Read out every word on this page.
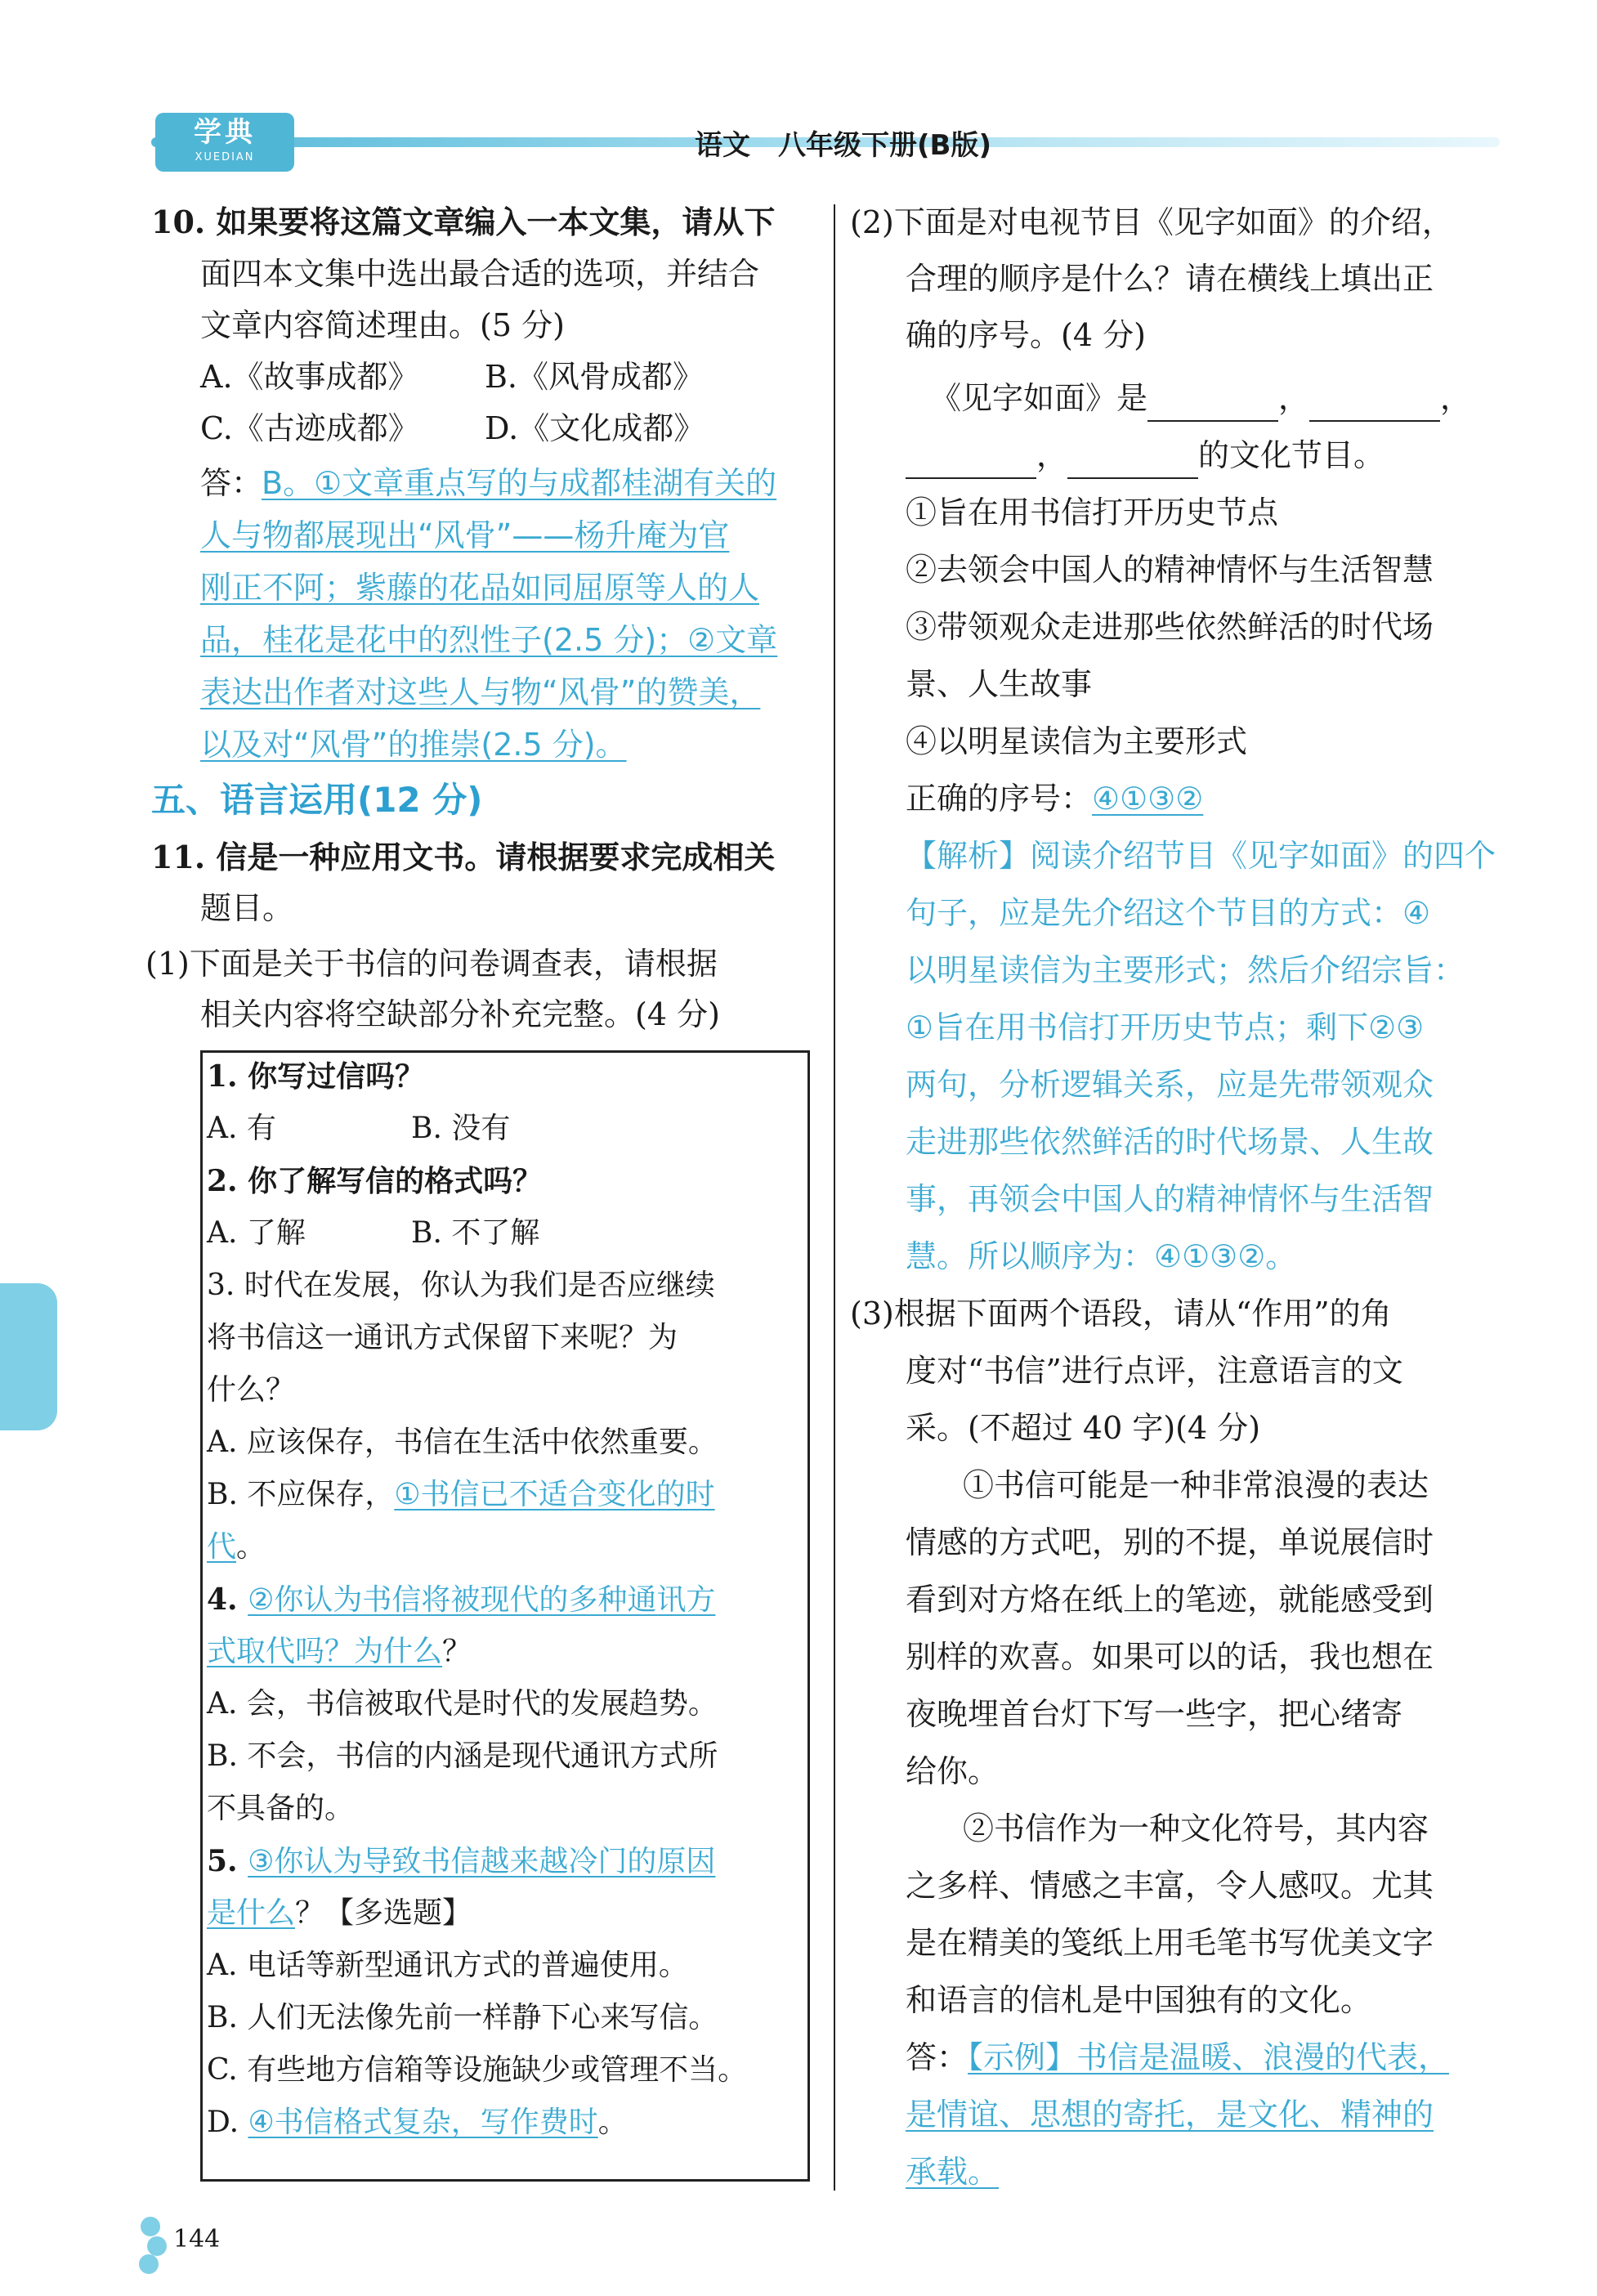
学典
XUEDIAN	语文　八年级下册(B版)
10. 如果要将这篇文章编入一本文集，请从下
面四本文集中选出最合适的选项，并结合
文章内容简述理由。(5 分)
A.《故事成都》 B.《风骨成都》
C.《古迹成都》 D.《文化成都》
答：
B。①文章重点写的与成都桂湖有关的
人与物都展现出“风骨”——杨升庵为官
刚正不阿；紫藤的花品如同屈原等人的人
品，桂花是花中的烈性子(2.5 分)；②文章
表达出作者对这些人与物“风骨”的赞美，
以及对“风骨”的推崇(2.5 分)。
五、语言运用(12 分)
11. 信是一种应用文书。请根据要求完成相关
题目。
(1)下面是关于书信的问卷调查表，请根据
相关内容将空缺部分补充完整。(4 分)
1. 你写过信吗？
A. 有	B. 没有
2. 你了解写信的格式吗？
A. 了解	B. 不了解
3. 时代在发展，你认为我们是否应继续
将书信这一通讯方式保留下来呢？为
什么？
A. 应该保存，书信在生活中依然重要。
B. 不应保存，①书信已不适合变化的时
代。
4. ②你认为书信将被现代的多种通讯方
式取代吗？为什么？
A. 会，书信被取代是时代的发展趋势。
B. 不会，书信的内涵是现代通讯方式所
不具备的。
5. ③你认为导致书信越来越冷门的原因
是什么？【多选题】
A. 电话等新型通讯方式的普遍使用。
B. 人们无法像先前一样静下心来写信。
C. 有些地方信箱等设施缺少或管理不当。
D. ④书信格式复杂，写作费时。
(2)下面是对电视节目《见字如面》的介绍，
合理的顺序是什么？请在横线上填出正
确的序号。(4 分)
《见字如面》是	，	，
，	的文化节目。
①旨在用书信打开历史节点
②去领会中国人的精神情怀与生活智慧
③带领观众走进那些依然鲜活的时代场
景、人生故事
④以明星读信为主要形式
正确的序号：④①③②
【解析】阅读介绍节目《见字如面》的四个
句子，应是先介绍这个节目的方式：④
以明星读信为主要形式；然后介绍宗旨：
①旨在用书信打开历史节点；剩下②③
两句，分析逻辑关系，应是先带领观众
走进那些依然鲜活的时代场景、人生故
事，再领会中国人的精神情怀与生活智
慧。所以顺序为：④①③②。
(3)根据下面两个语段，请从“作用”的角
度对“书信”进行点评，注意语言的文
采。(不超过 40 字)(4 分)
①书信可能是一种非常浪漫的表达
情感的方式吧，别的不提，单说展信时
看到对方烙在纸上的笔迹，就能感受到
别样的欢喜。如果可以的话，我也想在
夜晚埋首台灯下写一些字，把心绪寄
给你。
②书信作为一种文化符号，其内容
之多样、情感之丰富，令人感叹。尤其
是在精美的笺纸上用毛笔书写优美文字
和语言的信札是中国独有的文化。
答：【示例】书信是温暖、浪漫的代表，
是情谊、思想的寄托，是文化、精神的
承载。
144
